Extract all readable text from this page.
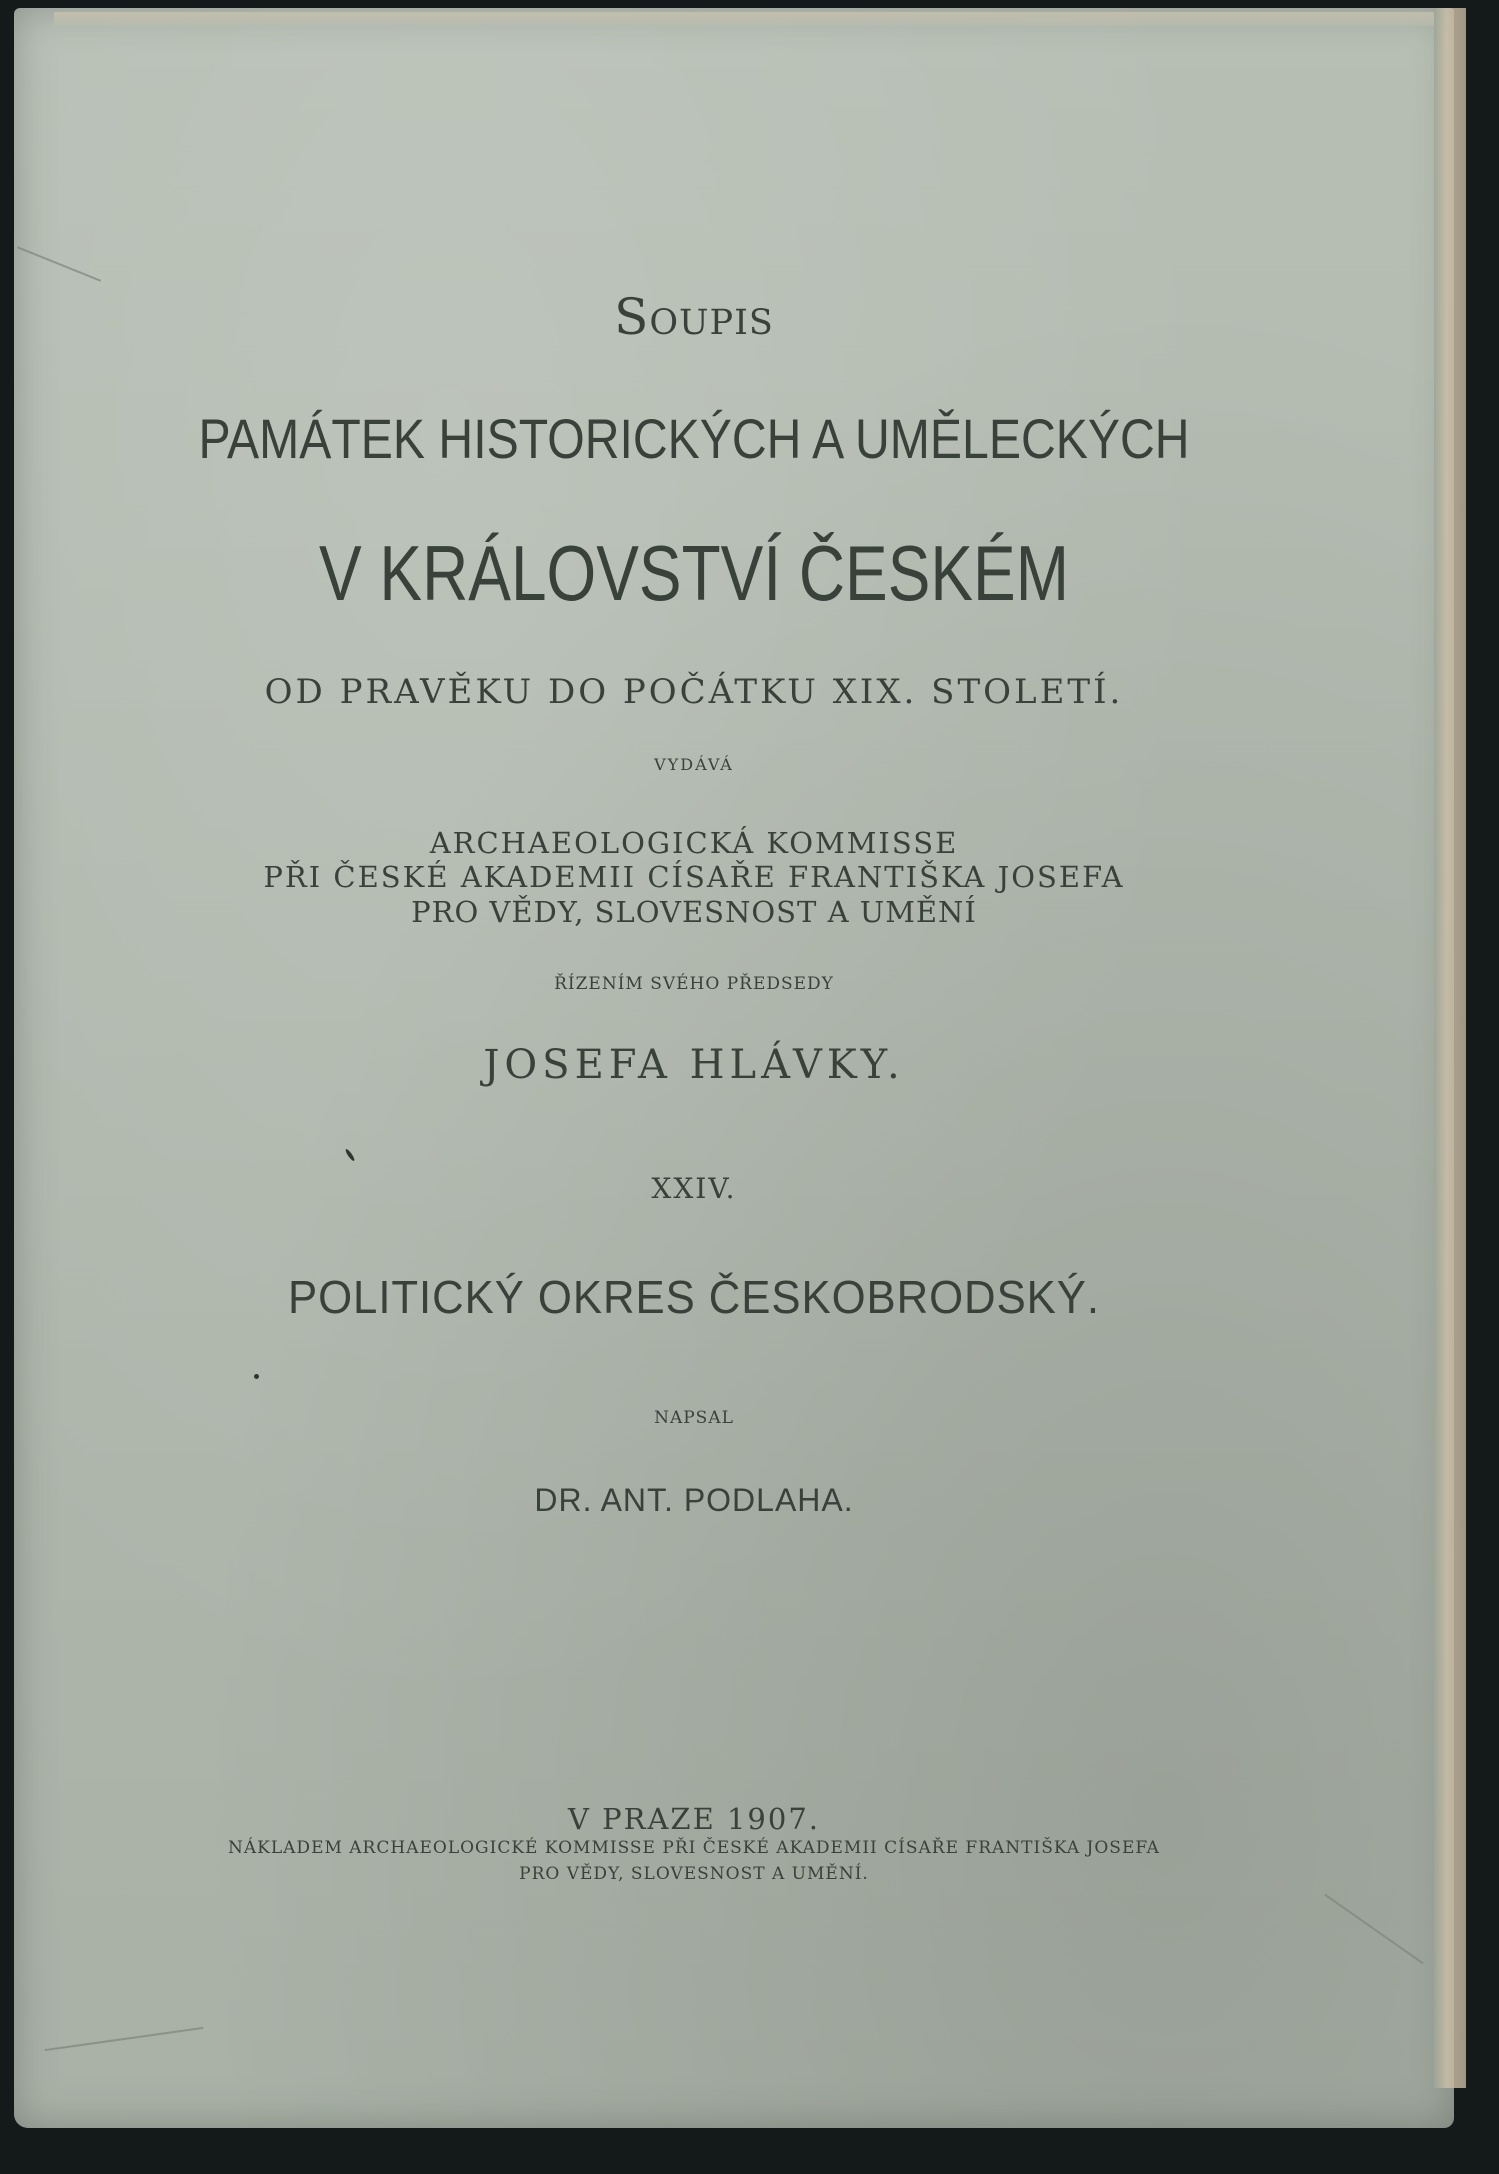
Soupis
PAMÁTEK HISTORICKÝCH A UMĚLECKÝCH
V KRÁLOVSTVÍ ČESKÉM
OD PRAVĚKU DO POČÁTKU XIX. STOLETÍ.
VYDÁVÁ
ARCHAEOLOGICKÁ KOMMISSE
PŘI ČESKÉ AKADEMII CÍSAŘE FRANTIŠKA JOSEFA
PRO VĚDY, SLOVESNOST A UMĚNÍ
ŘÍZENÍM SVÉHO PŘEDSEDY
JOSEFA HLÁVKY.
XXIV.
POLITICKÝ OKRES ČESKOBRODSKÝ.
NAPSAL
DR. ANT. PODLAHA.
V PRAZE 1907.
NÁKLADEM ARCHAEOLOGICKÉ KOMMISSE PŘI ČESKÉ AKADEMII CÍSAŘE FRANTIŠKA JOSEFA
PRO VĚDY, SLOVESNOST A UMĚNÍ.
